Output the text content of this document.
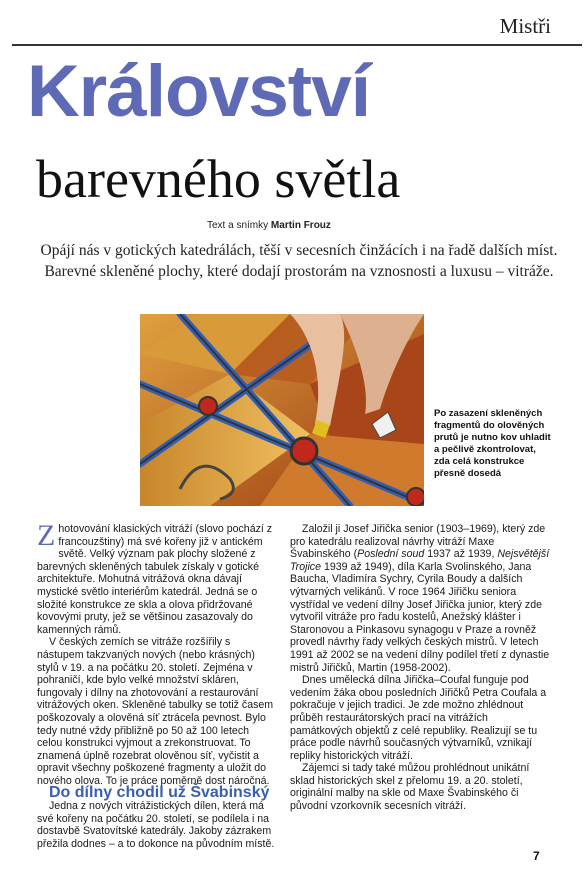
Mistři
Království
barevného světla
Text a snímky Martin Frouz
Opájí nás v gotických katedrálách, těší v secesních činžácích i na řadě dalších míst. Barevné skleněné plochy, které dodají prostorám na vznosnosti a luxusu – vitráže.
Po zasazení skleněných fragmentů do olověných prutů je nutno kov uhladit a pečlivě zkontrolovat, zda celá konstrukce přesně dosedá

Zhotovování klasických vitráží (slovo pochází z francouzštiny) má své kořeny již v antickém světě. Velký význam pak plochy složené z barevných skleněných tabulek získaly v gotické architektuře. Mohutná vitrážová okna dávají mystické světlo interiérům katedrál. Jedná se o složité konstrukce ze skla a olova přidržované kovovými pruty, jež se většinou zasazovaly do kamenných rámů.

V českých zemích se vitráže rozšířily s nástupem takzvaných nových (nebo krásných) stylů v 19. a na počátku 20. století. Zejména v pohraničí, kde bylo velké množství skláren, fungovaly i dílny na zhotovování a restaurování vitrážových oken. Skleněné tabulky se totiž časem poškozovaly a olověná síť ztrácela pevnost. Bylo tedy nutné vždy přibližně po 50 až 100 letech celou konstrukci vyjmout a zrekonstruovat. To znamená úplně rozebrat olověnou síť, vyčistit a opravit všechny poškozené fragmenty a uložit do nového olova. To je práce poměrně dost náročná.

Do dílny chodil už Švabinský

Jedna z nových vitrážistických dílen, která má své kořeny na počátku 20. století, se podílela i na dostavbě Svatovítské katedrály. Jakoby zázrakem přežila dodnes – a to dokonce na původním místě.

Založil ji Josef Jiřička senior (1903–1969), který zde pro katedrálu realizoval návrhy vitráží Maxe Švabinského (Poslední soud 1937 až 1939, Nejsvětější Trojice 1939 až 1949), díla Karla Svolinského, Jana Baucha, Vladimíra Sychry, Cyrila Boudy a dalších výtvarných velikánů. V roce 1964 Jiřičku seniora vystřídal ve vedení dílny Josef Jiřička junior, který zde vytvořil vitráže pro řadu kostelů, Anežský klášter i Staronovou a Pinkasovu synagogu v Praze a rovněž provedl návrhy řady velkých českých mistrů. V letech 1991 až 2002 se na vedení dílny podílel třetí z dynastie mistrů Jiřičků, Martin (1958-2002).

Dnes umělecká dílna Jiřička–Coufal funguje pod vedením žáka obou posledních Jiřičků Petra Coufala a pokračuje v jejich tradici. Je zde možno zhlédnout průběh restaurátorských prací na vitrážích památkových objektů z celé republiky. Realizují se tu práce podle návrhů současných výtvarníků, vznikají repliky historických vitráží.

Zájemci si tady také můžou prohlédnout unikátní sklad historických skel z přelomu 19. a 20. století, originální malby na skle od Maxe Švabinského či původní vzorkovník secesních vitráží.

7
